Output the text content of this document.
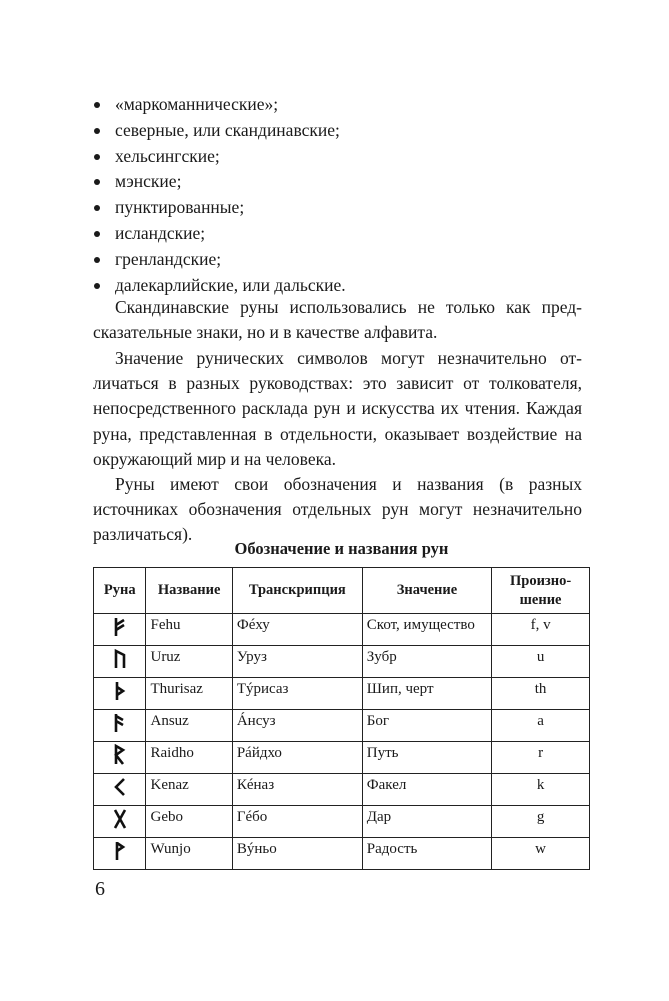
«маркоманнические»;
северные, или скандинавские;
хельсингские;
мэнские;
пунктированные;
исландские;
гренландские;
далекарлийские, или дальские.

Скандинавские руны использовались не только как предсказательные знаки, но и в качестве алфавита.

Значение рунических символов могут незначительно отличаться в разных руководствах: это зависит от толкователя, непосредственного расклада рун и искусства их чтения. Каждая руна, представленная в отдельности, оказывает воздействие на окружающий мир и на человека.

Руны имеют свои обозначения и названия (в разных источниках обозначения отдельных рун могут незначительно различаться).

Обозначение и названия рун
Руна	Название	Транскрипция	Значение	Произно-шение
	Fehu	Фéху	Скот, имущество	f, v
	Uruz	Уруз	Зубр	u
	Thurisaz	Тýрисаз	Шип, черт	th
	Ansuz	Áнсуз	Бог	a
	Raidho	Рáйдхо	Путь	r
	Kenaz	Кéназ	Факел	k
	Gebo	Гéбо	Дар	g
	Wunjo	Вýньо	Радость	w
6
